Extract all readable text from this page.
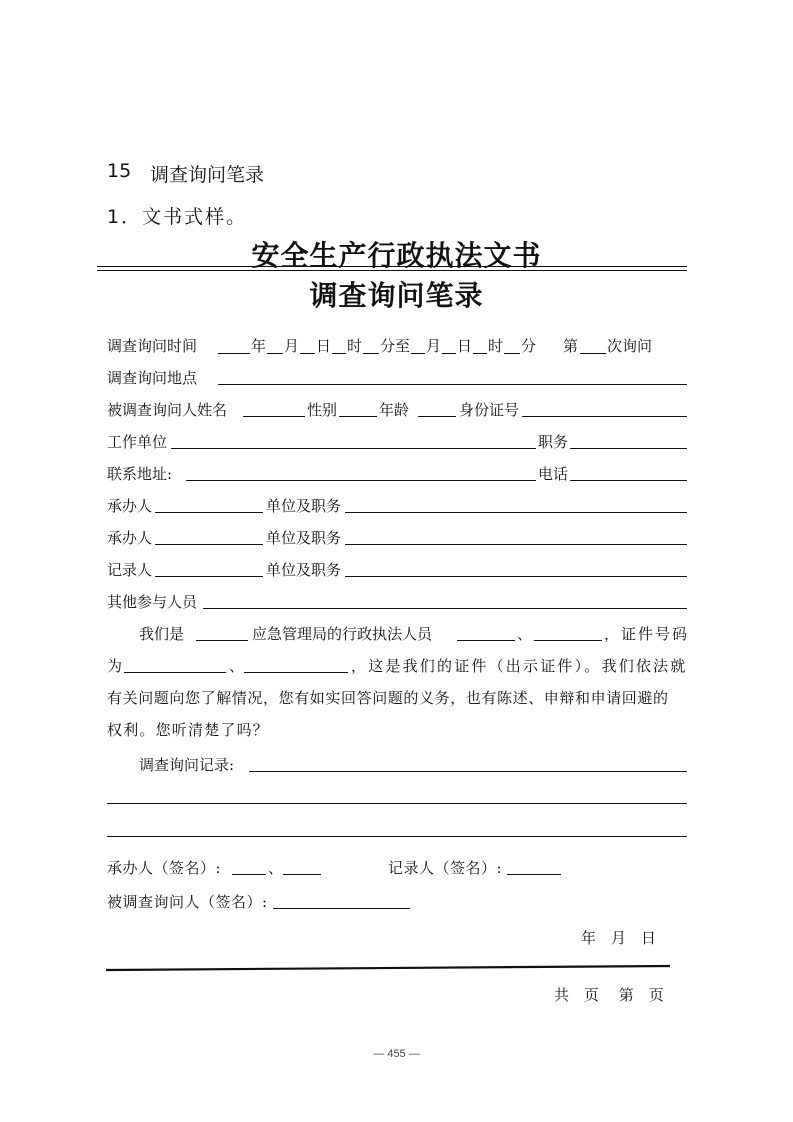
15 调查询问笔录
1．文书式样。
安全生产行政执法文书
调查询问笔录
调查询问时间	年 月 日 时 分至 月 日 时 分 第 次询问
调查询问地点
被调查询问人姓名	性别	年龄	身份证号
工作单位	职务
联系地址:	电话
承办人	单位及职务
承办人	单位及职务
记录人	单位及职务
其他参与人员
我们是	应急管理局的行政执法人员	、	，证件号码
为	、	，这是我们的证件（出示证件）。我们依法就
有关问题向您了解情况，您有如实回答问题的义务，也有陈述、申辩和申请回避的
权利。您听清楚了吗？
调查询问记录:
承办人（签名）:	、	记录人（签名）:
被调查询问人（签名）:
年　月　日
共　页　 第　页
— 455 —
